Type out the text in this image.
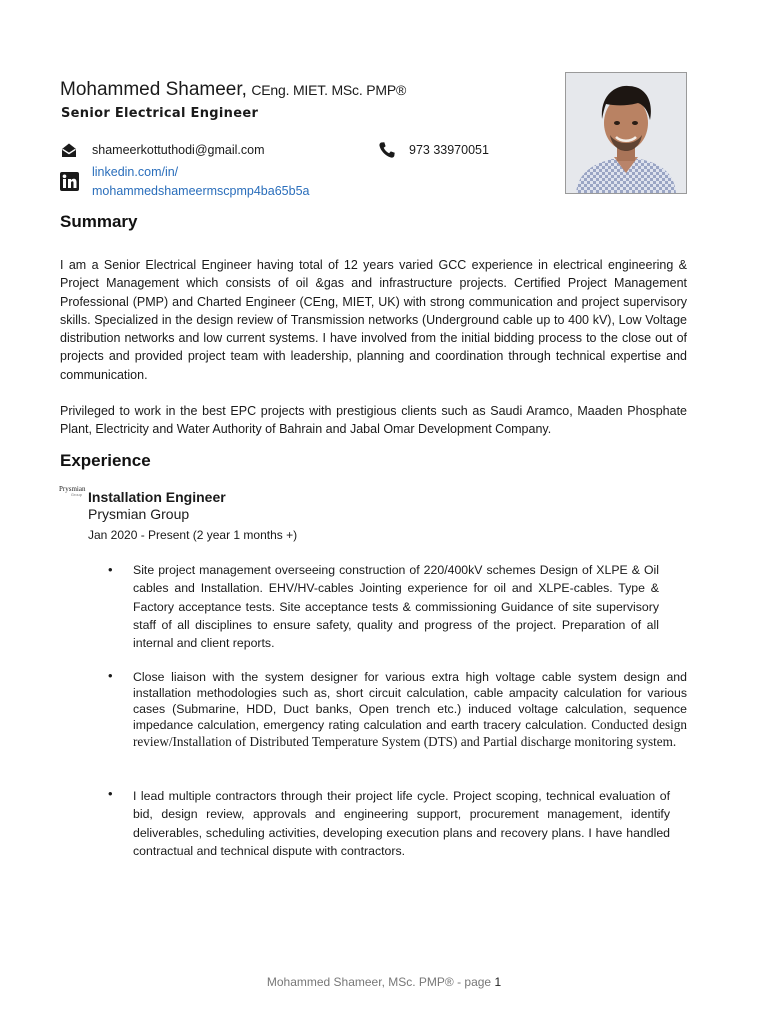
Mohammed Shameer, CEng. MIET. MSc. PMP®
Senior Electrical Engineer
shameerkottuthodi@gmail.com	973 33970051
linkedin.com/in/
mohammedshameermscpmp4ba65b5a
Summary

I am a Senior Electrical Engineer having total of 12 years varied GCC experience in electrical engineering & Project Management which consists of oil &gas and infrastructure projects. Certified Project Management Professional (PMP) and Charted Engineer (CEng, MIET, UK) with strong communication and project supervisory skills. Specialized in the design review of Transmission networks (Underground cable up to 400 kV), Low Voltage distribution networks and low current systems. I have involved from the initial bidding process to the close out of projects and provided project team with leadership, planning and coordination through technical expertise and communication.

Privileged to work in the best EPC projects with prestigious clients such as Saudi Aramco, Maaden Phosphate Plant, Electricity and Water Authority of Bahrain and Jabal Omar Development Company.

Experience
Prysmian
Group Installation Engineer
Prysmian Group
Jan 2020 - Present (2 year 1 months +)
• Site project management overseeing construction of 220/400kV schemes Design of XLPE & Oil cables and Installation. EHV/HV-cables Jointing experience for oil and XLPE-cables. Type & Factory acceptance tests. Site acceptance tests & commissioning Guidance of site supervisory staff of all disciplines to ensure safety, quality and progress of the project. Preparation of all internal and client reports.

• Close liaison with the system designer for various extra high voltage cable system design and installation methodologies such as, short circuit calculation, cable ampacity calculation for various cases (Submarine, HDD, Duct banks, Open trench etc.) induced voltage calculation, sequence impedance calculation, emergency rating calculation and earth tracery calculation. Conducted design review/Installation of Distributed Temperature System (DTS) and Partial discharge monitoring system.

• I lead multiple contractors through their project life cycle. Project scoping, technical evaluation of bid, design review, approvals and engineering support, procurement management, identify deliverables, scheduling activities, developing execution plans and recovery plans. I have handled contractual and technical dispute with contractors.

Mohammed Shameer, MSc. PMP® - page 1
